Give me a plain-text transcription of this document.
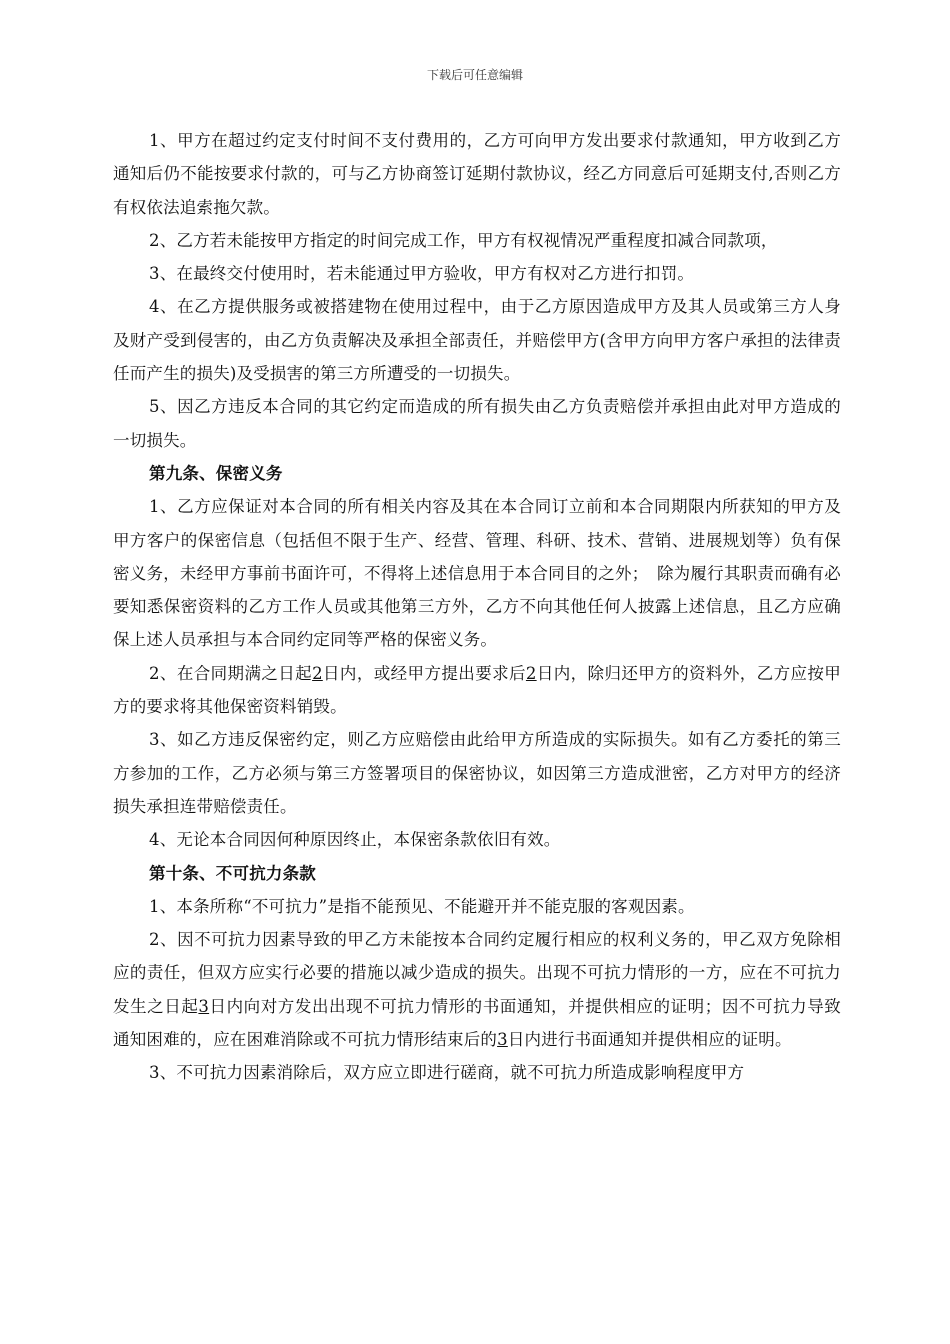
下载后可任意编辑

1、甲方在超过约定支付时间不支付费用的，乙方可向甲方发出要求付款通知，甲方收到乙方通知后仍不能按要求付款的，可与乙方协商签订延期付款协议，经乙方同意后可延期支付,否则乙方有权依法追索拖欠款。

2、乙方若未能按甲方指定的时间完成工作，甲方有权视情况严重程度扣减合同款项，

3、在最终交付使用时，若未能通过甲方验收，甲方有权对乙方进行扣罚。

4、在乙方提供服务或被搭建物在使用过程中，由于乙方原因造成甲方及其人员或第三方人身及财产受到侵害的，由乙方负责解决及承担全部责任，并赔偿甲方(含甲方向甲方客户承担的法律责任而产生的损失)及受损害的第三方所遭受的一切损失。

5、因乙方违反本合同的其它约定而造成的所有损失由乙方负责赔偿并承担由此对甲方造成的一切损失。

第九条、保密义务

1、乙方应保证对本合同的所有相关内容及其在本合同订立前和本合同期限内所获知的甲方及甲方客户的保密信息（包括但不限于生产、经营、管理、科研、技术、营销、进展规划等）负有保密义务，未经甲方事前书面许可，不得将上述信息用于本合同目的之外；　除为履行其职责而确有必要知悉保密资料的乙方工作人员或其他第三方外，乙方不向其他任何人披露上述信息，且乙方应确保上述人员承担与本合同约定同等严格的保密义务。

2、在合同期满之日起2日内，或经甲方提出要求后2日内，除归还甲方的资料外，乙方应按甲方的要求将其他保密资料销毁。

3、如乙方违反保密约定，则乙方应赔偿由此给甲方所造成的实际损失。如有乙方委托的第三方参加的工作，乙方必须与第三方签署项目的保密协议，如因第三方造成泄密，乙方对甲方的经济损失承担连带赔偿责任。

4、无论本合同因何种原因终止，本保密条款依旧有效。

第十条、不可抗力条款

1、本条所称“不可抗力”是指不能预见、不能避开并不能克服的客观因素。

2、因不可抗力因素导致的甲乙方未能按本合同约定履行相应的权利义务的，甲乙双方免除相应的责任，但双方应实行必要的措施以减少造成的损失。出现不可抗力情形的一方，应在不可抗力发生之日起3日内向对方发出出现不可抗力情形的书面通知，并提供相应的证明；因不可抗力导致通知困难的，应在困难消除或不可抗力情形结束后的3日内进行书面通知并提供相应的证明。

3、不可抗力因素消除后，双方应立即进行磋商，就不可抗力所造成影响程度甲方
